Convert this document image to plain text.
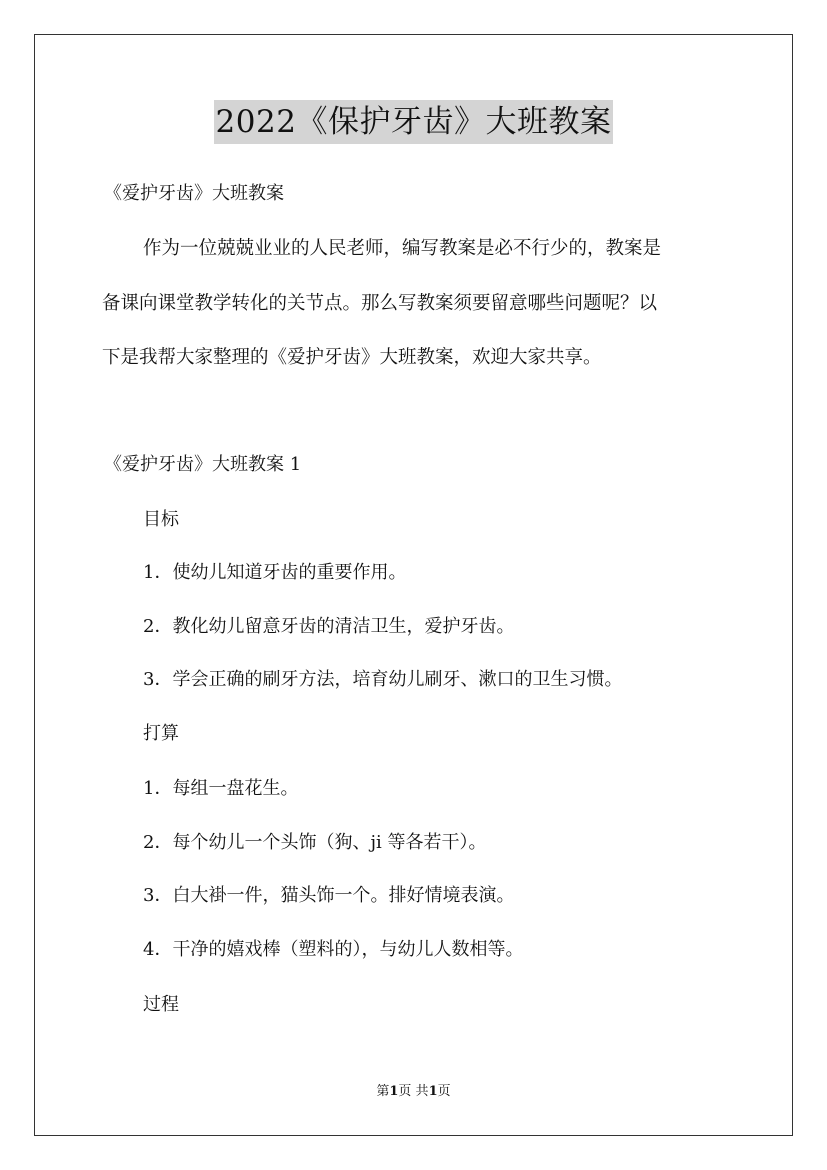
2022《保护牙齿》大班教案
《爱护牙齿》大班教案
作为一位兢兢业业的人民老师，编写教案是必不行少的，教案是
备课向课堂教学转化的关节点。那么写教案须要留意哪些问题呢？以
下是我帮大家整理的《爱护牙齿》大班教案，欢迎大家共享。
《爱护牙齿》大班教案 1
目标
1．使幼儿知道牙齿的重要作用。
2．教化幼儿留意牙齿的清洁卫生，爱护牙齿。
3．学会正确的刷牙方法，培育幼儿刷牙、漱口的卫生习惯。
打算
1．每组一盘花生。
2．每个幼儿一个头饰（狗、ji 等各若干）。
3．白大褂一件，猫头饰一个。排好情境表演。
4．干净的嬉戏棒（塑料的），与幼儿人数相等。
过程
第1页 共1页
